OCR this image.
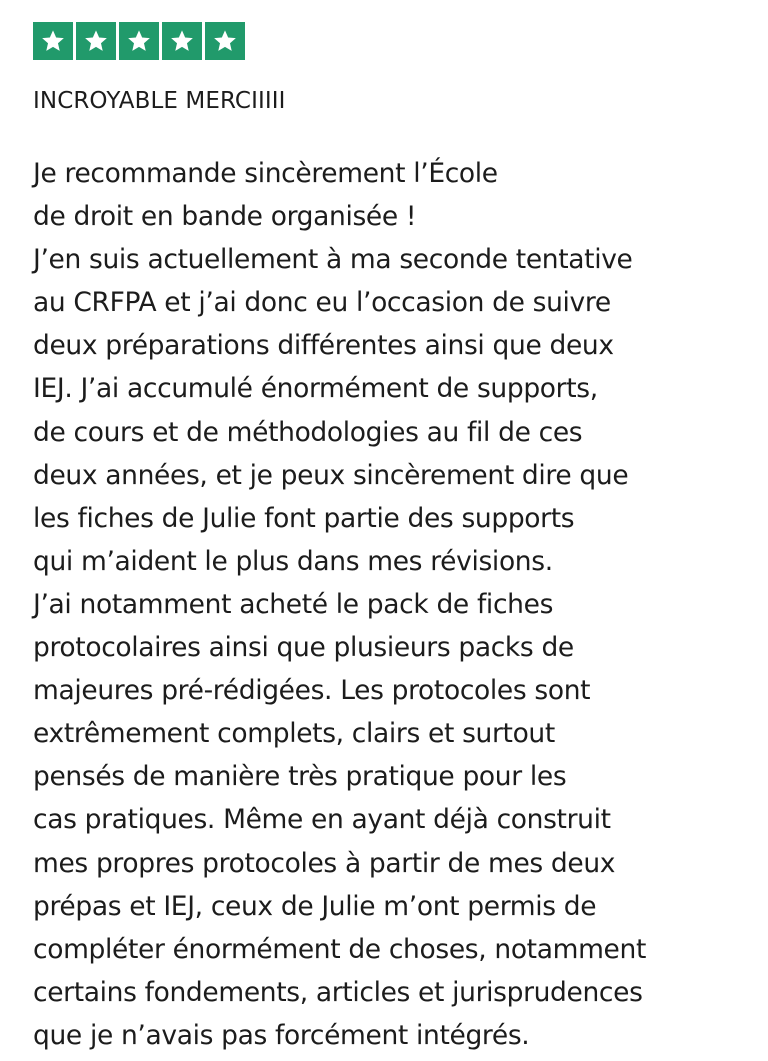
INCROYABLE MERCIIIII
Je recommande sincèrement l’École
de droit en bande organisée !
J’en suis actuellement à ma seconde tentative
au CRFPA et j’ai donc eu l’occasion de suivre
deux préparations différentes ainsi que deux
IEJ. J’ai accumulé énormément de supports,
de cours et de méthodologies au fil de ces
deux années, et je peux sincèrement dire que
les fiches de Julie font partie des supports
qui m’aident le plus dans mes révisions.
J’ai notamment acheté le pack de fiches
protocolaires ainsi que plusieurs packs de
majeures pré-rédigées. Les protocoles sont
extrêmement complets, clairs et surtout
pensés de manière très pratique pour les
cas pratiques. Même en ayant déjà construit
mes propres protocoles à partir de mes deux
prépas et IEJ, ceux de Julie m’ont permis de
compléter énormément de choses, notamment
certains fondements, articles et jurisprudences
que je n’avais pas forcément intégrés.
